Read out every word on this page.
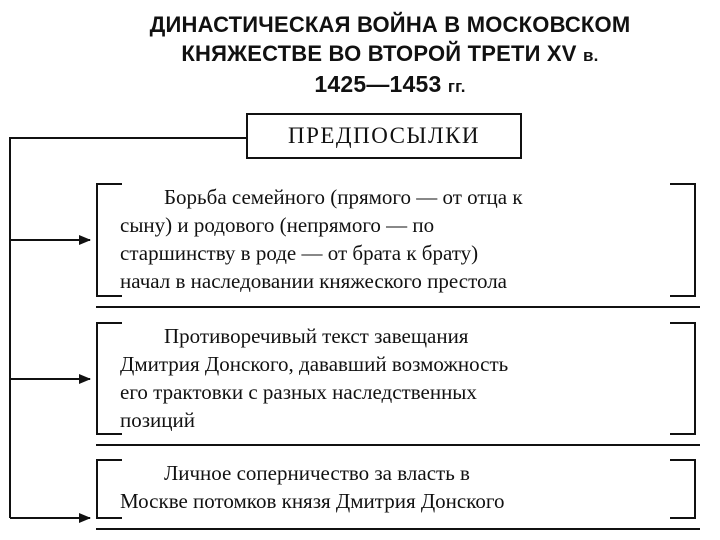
ДИНАСТИЧЕСКАЯ ВОЙНА В МОСКОВСКОМ
КНЯЖЕСТВЕ ВО ВТОРОЙ ТРЕТИ XV в.
1425—1453 гг.
ПРЕДПОСЫЛКИ
Борьба семейного (прямого — от отца к
сыну) и родового (непрямого — по
старшинству в роде — от брата к брату)
начал в наследовании княжеского престола
Противоречивый текст завещания
Дмитрия Донского, дававший возможность
его трактовки с разных наследственных
позиций
Личное соперничество за власть в
Москве потомков князя Дмитрия Донского
